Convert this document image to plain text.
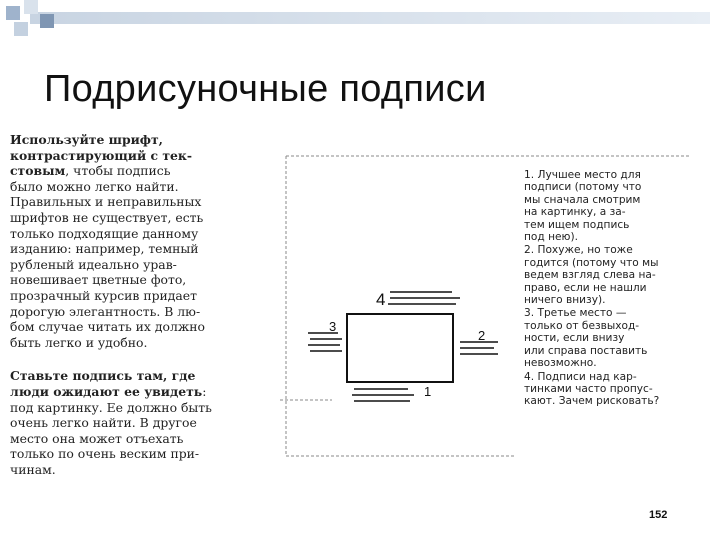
Подрисуночные подписи

Используйте шрифт,
контрастирующий с тек-
стовым, чтобы подпись
было можно легко найти.
Правильных и неправильных
шрифтов не существует, есть
только подходящие данному
изданию: например, темный
рубленый идеально урав-
новешивает цветные фото,
прозрачный курсив придает
дорогую элегантность. В лю-
бом случае читать их должно
быть легко и удобно.

Ставьте подпись там, где
люди ожидают ее увидеть:
под картинку. Ее должно быть
очень легко найти. В другое
место она может отъехать
только по очень веским при-
чинам.

4
3
2
1
1. Лучшее место для
подписи (потому что
мы сначала смотрим
на картинку, а за-
тем ищем подпись
под нею).
2. Похуже, но тоже
годится (потому что мы
ведем взгляд слева на-
право, если не нашли
ничего внизу).
3. Третье место —
только от безвыход-
ности, если внизу
или справа поставить
невозможно.
4. Подписи над кар-
тинками часто пропус-
кают. Зачем рисковать?
152
